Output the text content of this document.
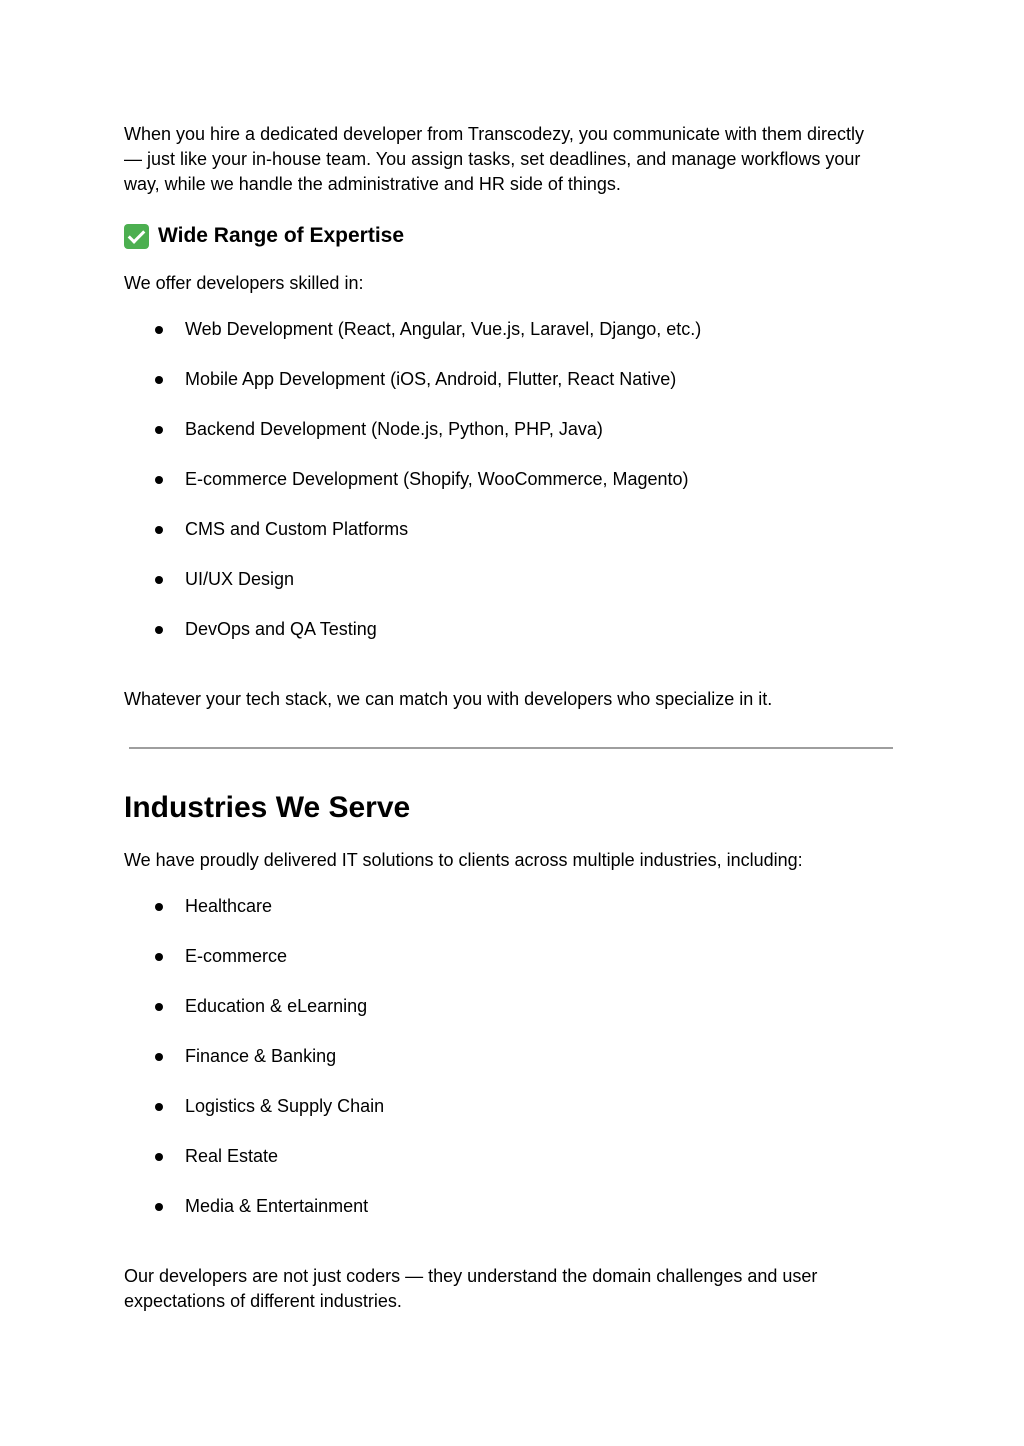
When you hire a dedicated developer from Transcodezy, you communicate with them directly — just like your in-house team. You assign tasks, set deadlines, and manage workflows your way, while we handle the administrative and HR side of things.

Wide Range of Expertise

We offer developers skilled in:

Web Development (React, Angular, Vue.js, Laravel, Django, etc.)
Mobile App Development (iOS, Android, Flutter, React Native)
Backend Development (Node.js, Python, PHP, Java)
E-commerce Development (Shopify, WooCommerce, Magento)
CMS and Custom Platforms
UI/UX Design
DevOps and QA Testing

Whatever your tech stack, we can match you with developers who specialize in it.

Industries We Serve

We have proudly delivered IT solutions to clients across multiple industries, including:

Healthcare
E-commerce
Education & eLearning
Finance & Banking
Logistics & Supply Chain
Real Estate
Media & Entertainment

Our developers are not just coders — they understand the domain challenges and user expectations of different industries.
